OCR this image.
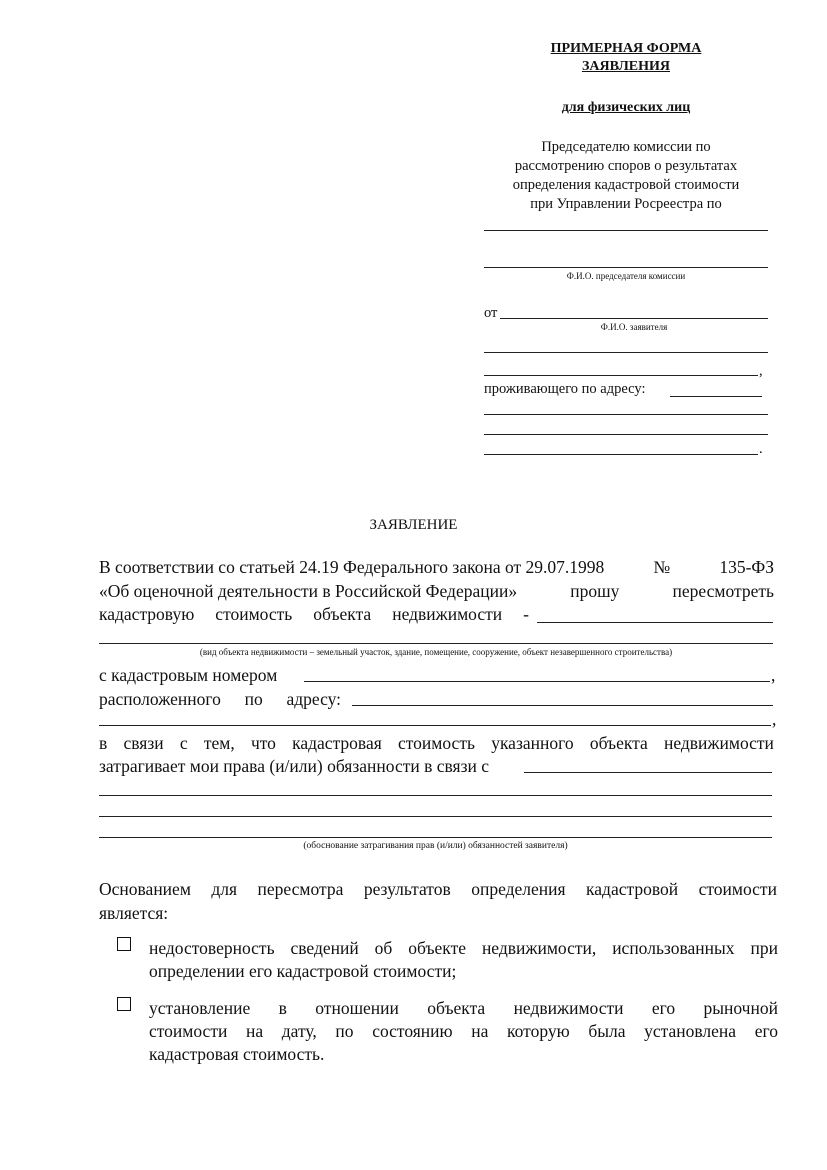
ПРИМЕРНАЯ ФОРМА
ЗАЯВЛЕНИЯ
для физических лиц
Председателю комиссии по
рассмотрению споров о результатах
определения кадастровой стоимости
при Управлении Росреестра по
Ф.И.О. председателя комиссии
от
Ф.И.О. заявителя
,
проживающего по адресу:
.
ЗАЯВЛЕНИЕ
В соответствии со статьей 24.19 Федерального закона от 29.07.1998	№	135-ФЗ
«Об оценочной деятельности в Российской Федерации»	прошу	пересмотреть
кадастровую стоимость объекта недвижимости -
(вид объекта недвижимости – земельный участок, здание, помещение, сооружение, объект незавершенного строительства)
с кадастровым номером	,
расположенного по адресу:
,
в связи с тем, что кадастровая стоимость указанного объекта недвижимости
затрагивает мои права (и/или) обязанности в связи с
(обоснование затрагивания прав (и/или) обязанностей заявителя)
Основанием для пересмотра результатов определения кадастровой стоимости
является:
недостоверность сведений об объекте недвижимости, использованных при
определении его кадастровой стоимости;
установление в отношении объекта недвижимости его рыночной
стоимости на дату, по состоянию на которую была установлена его
кадастровая стоимость.
